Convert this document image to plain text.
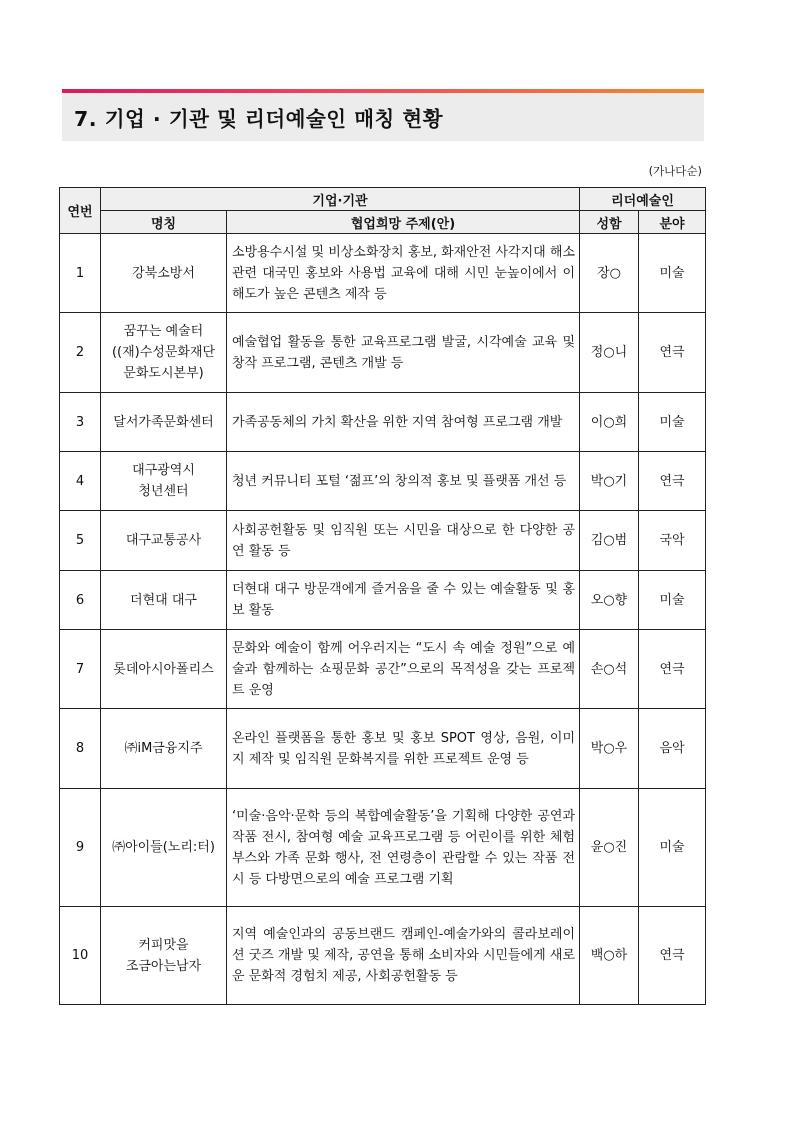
7. 기업 · 기관 및 리더예술인 매칭 현황
(가나다순)
연번	기업·기관		리더예술인	
	명칭	협업희망 주제(안)	성함	분야
1	강북소방서	소방용수시설 및 비상소화장치 홍보, 화재안전 사각지대 해소 관련 대국민 홍보와 사용법 교육에 대해 시민 눈높이에서 이해도가 높은 콘텐츠 제작 등	장○	미술
2	꿈꾸는 예술터
((재)수성문화재단
문화도시본부)	예술협업 활동을 통한 교육프로그램 발굴, 시각예술 교육 및 창작 프로그램, 콘텐츠 개발 등	정○니	연극
3	달서가족문화센터	가족공동체의 가치 확산을 위한 지역 참여형 프로그램 개발	이○희	미술
4	대구광역시
청년센터	청년 커뮤니티 포털 ‘젊프’의 창의적 홍보 및 플랫폼 개선 등	박○기	연극
5	대구교통공사	사회공헌활동 및 임직원 또는 시민을 대상으로 한 다양한 공연 활동 등	김○범	국악
6	더현대 대구	더현대 대구 방문객에게 즐거움을 줄 수 있는 예술활동 및 홍보 활동	오○향	미술
7	롯데아시아폴리스	문화와 예술이 함께 어우러지는 “도시 속 예술 정원”으로 예술과 함께하는 쇼핑문화 공간”으로의 목적성을 갖는 프로젝트 운영	손○석	연극
8	㈜iM금융지주	온라인 플랫폼을 통한 홍보 및 홍보 SPOT 영상, 음원, 이미지 제작 및 임직원 문화복지를 위한 프로젝트 운영 등	박○우	음악
9	㈜아이들(노리:터)	‘미술·음악·문학 등의 복합예술활동’을 기획해 다양한 공연과 작품 전시, 참여형 예술 교육프로그램 등 어린이를 위한 체험부스와 가족 문화 행사, 전 연령층이 관람할 수 있는 작품 전시 등 다방면으로의 예술 프로그램 기획	윤○진	미술
10	커피맛을
조금아는남자	지역 예술인과의 공동브랜드 캠페인-예술가와의 콜라보레이션 굿즈 개발 및 제작, 공연을 통해 소비자와 시민들에게 새로운 문화적 경험치 제공, 사회공헌활동 등	백○하	연극
